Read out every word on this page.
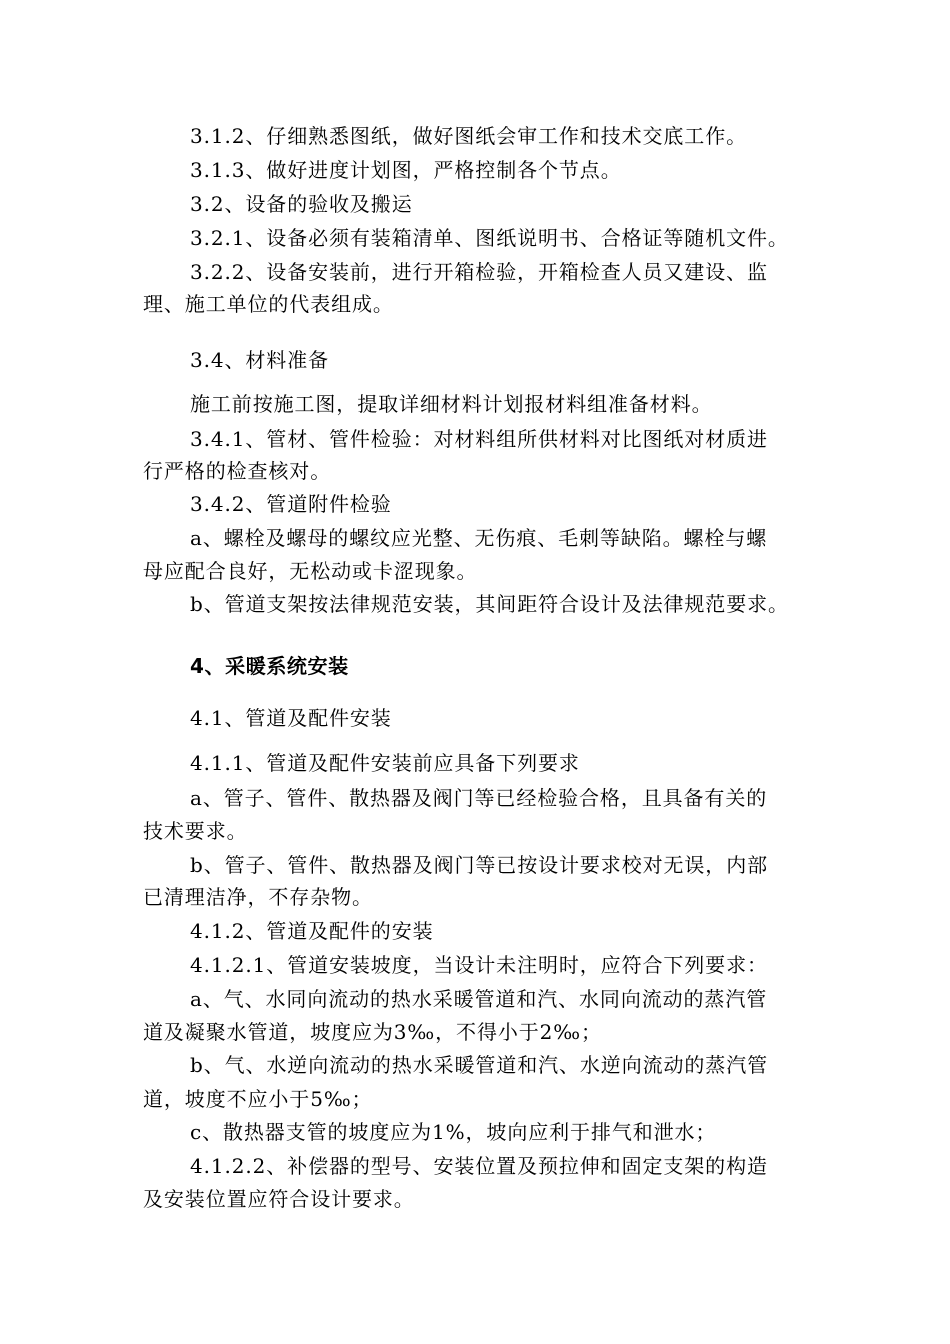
3.1.2、仔细熟悉图纸，做好图纸会审工作和技术交底工作。
3.1.3、做好进度计划图，严格控制各个节点。
3.2、设备的验收及搬运
3.2.1、设备必须有装箱清单、图纸说明书、合格证等随机文件。
3.2.2、设备安装前，进行开箱检验，开箱检查人员又建设、监
理、施工单位的代表组成。
3.4、材料准备
施工前按施工图，提取详细材料计划报材料组准备材料。
3.4.1、管材、管件检验：对材料组所供材料对比图纸对材质进
行严格的检查核对。
3.4.2、管道附件检验
a、螺栓及螺母的螺纹应光整、无伤痕、毛刺等缺陷。螺栓与螺
母应配合良好，无松动或卡涩现象。
b、管道支架按法律规范安装，其间距符合设计及法律规范要求。
4、采暖系统安装
4.1、管道及配件安装
4.1.1、管道及配件安装前应具备下列要求
a、管子、管件、散热器及阀门等已经检验合格，且具备有关的
技术要求。
b、管子、管件、散热器及阀门等已按设计要求校对无误，内部
已清理洁净，不存杂物。
4.1.2、管道及配件的安装
4.1.2.1、管道安装坡度，当设计未注明时，应符合下列要求：
a、气、水同向流动的热水采暖管道和汽、水同向流动的蒸汽管
道及凝聚水管道，坡度应为3‰，不得小于2‰；
b、气、水逆向流动的热水采暖管道和汽、水逆向流动的蒸汽管
道，坡度不应小于5‰；
c、散热器支管的坡度应为1%，坡向应利于排气和泄水；
4.1.2.2、补偿器的型号、安装位置及预拉伸和固定支架的构造
及安装位置应符合设计要求。
